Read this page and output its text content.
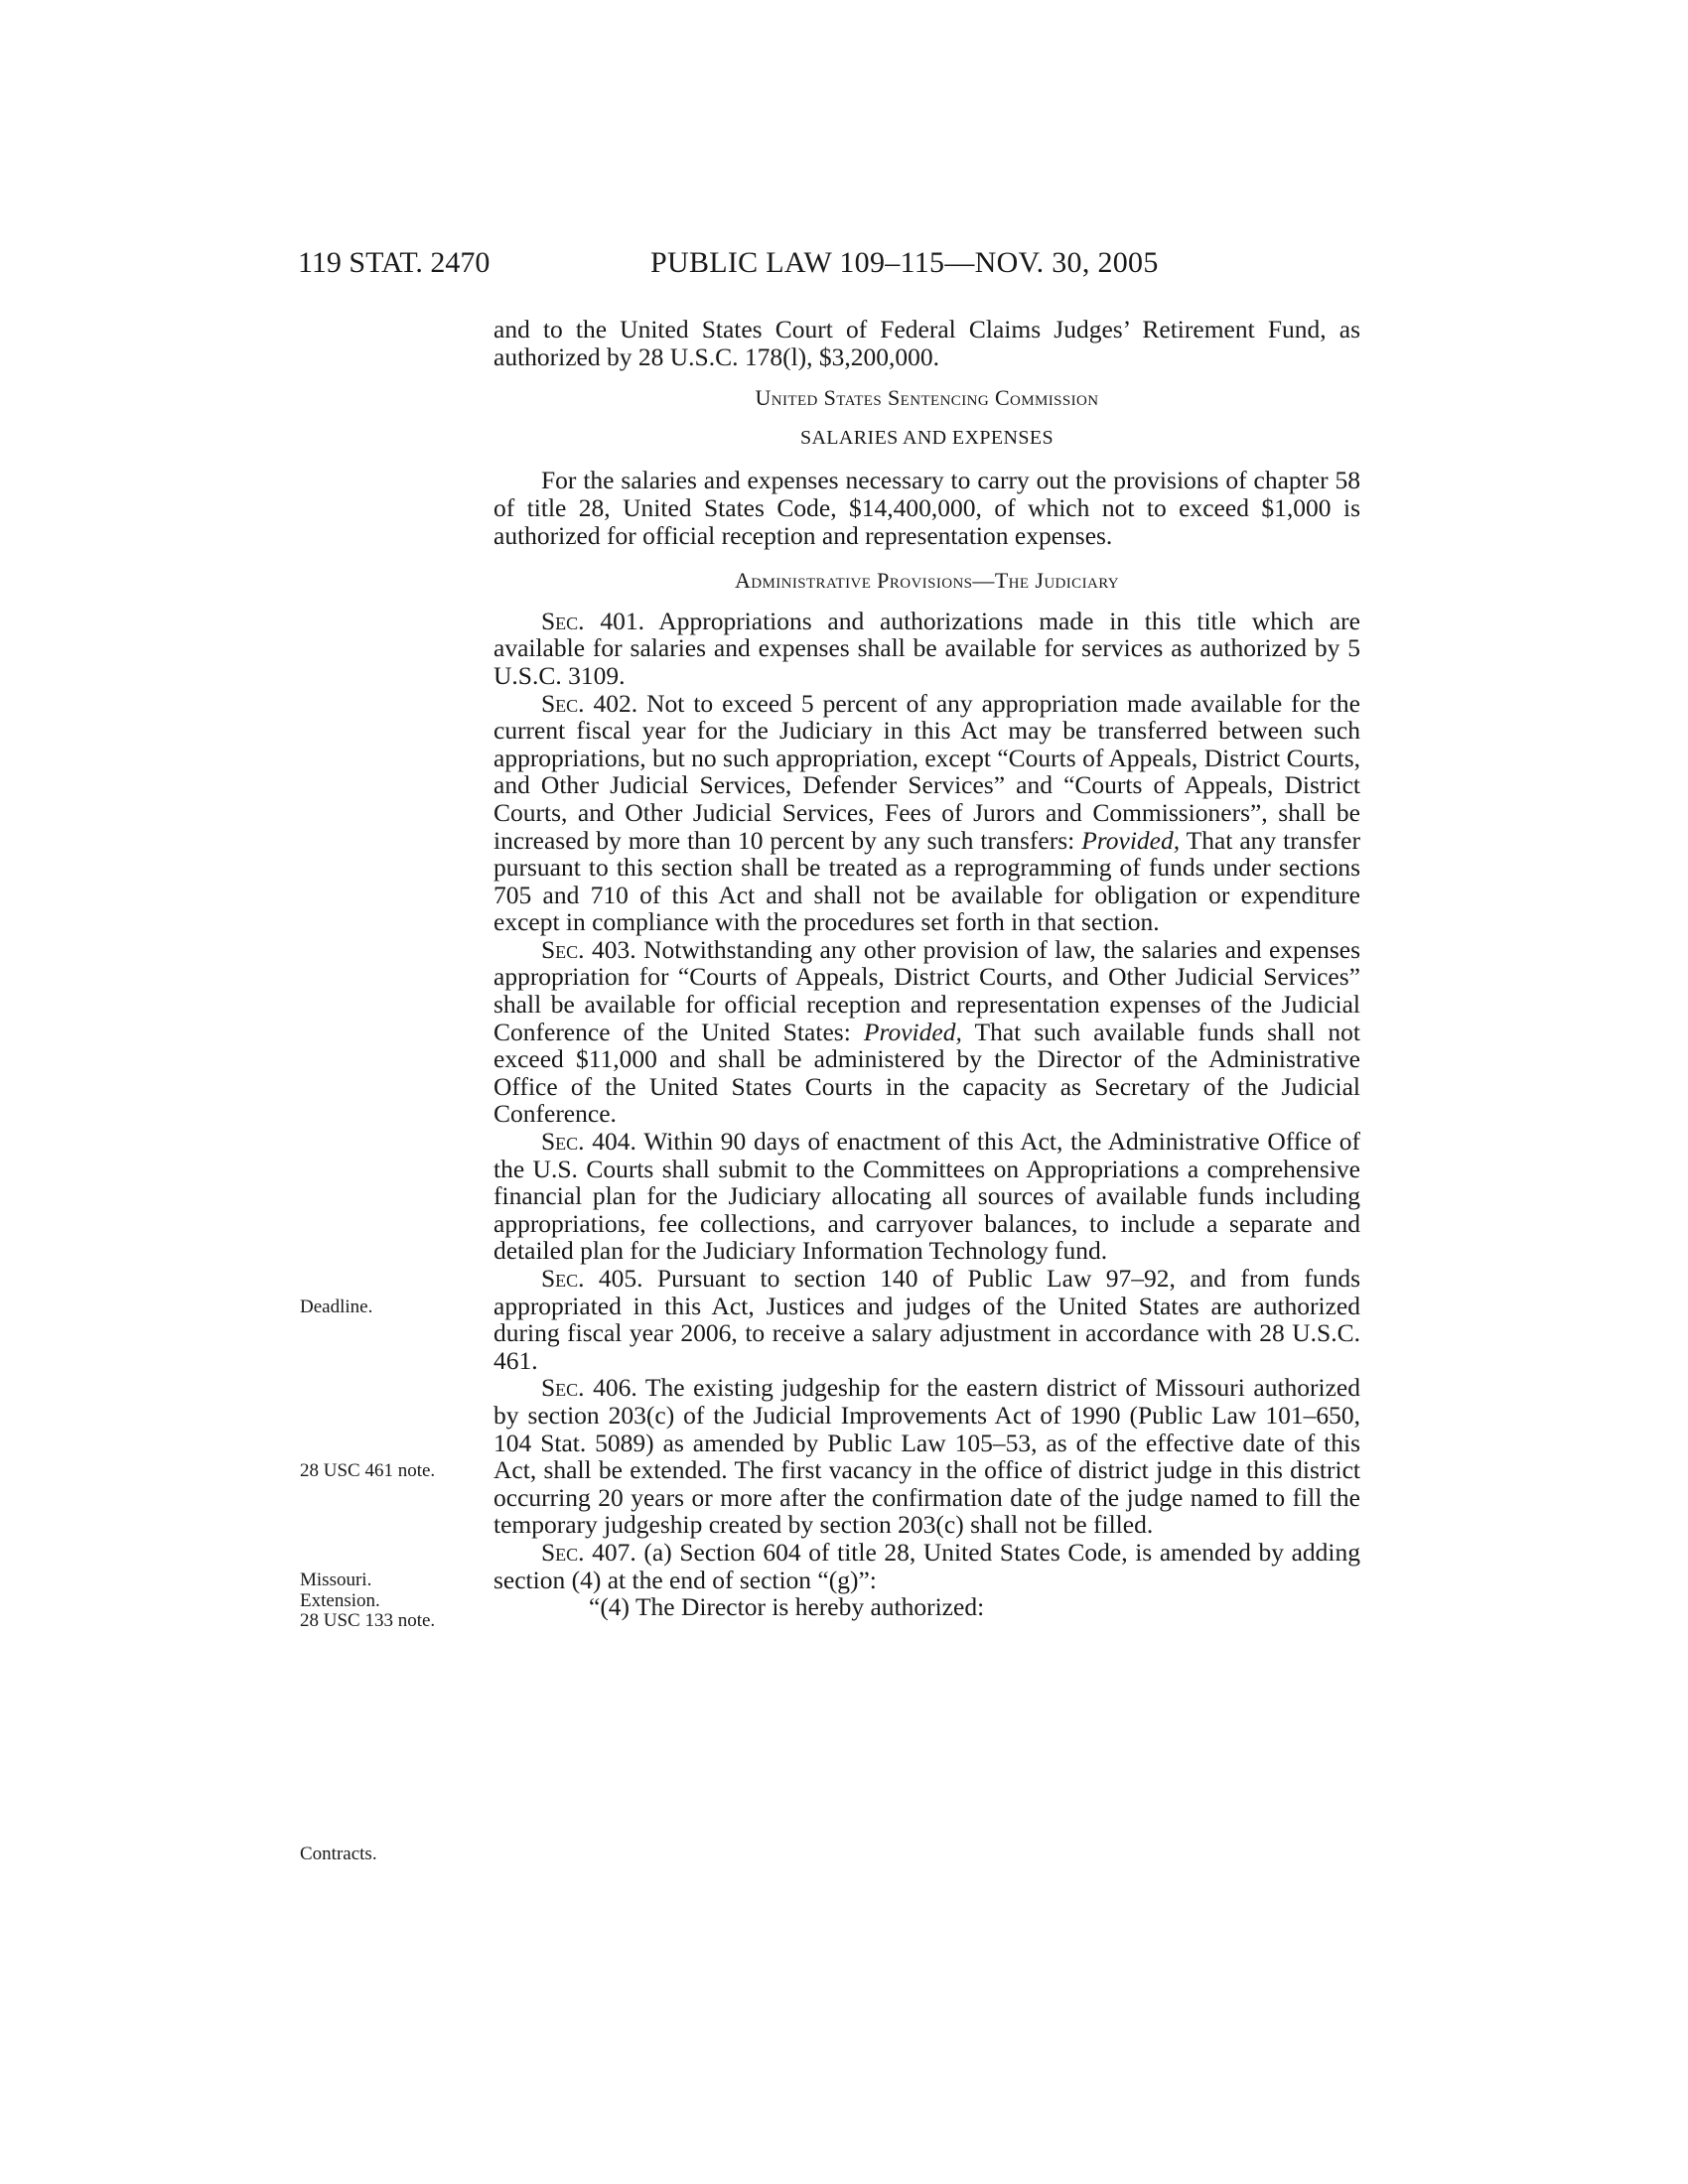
119 STAT. 2470	PUBLIC LAW 109–115—NOV. 30, 2005
Deadline.
28 USC 461 note.
Missouri.
Extension.
28 USC 133 note.
Contracts.

and to the United States Court of Federal Claims Judges’ Retirement Fund, as authorized by 28 U.S.C. 178(l), $3,200,000.

United States Sentencing Commission
SALARIES AND EXPENSES

For the salaries and expenses necessary to carry out the provisions of chapter 58 of title 28, United States Code, $14,400,000, of which not to exceed $1,000 is authorized for official reception and representation expenses.

Administrative Provisions—The Judiciary

Sec. 401. Appropriations and authorizations made in this title which are available for salaries and expenses shall be available for services as authorized by 5 U.S.C. 3109.

Sec. 402. Not to exceed 5 percent of any appropriation made available for the current fiscal year for the Judiciary in this Act may be transferred between such appropriations, but no such appropriation, except “Courts of Appeals, District Courts, and Other Judicial Services, Defender Services” and “Courts of Appeals, District Courts, and Other Judicial Services, Fees of Jurors and Commissioners”, shall be increased by more than 10 percent by any such transfers: Provided, That any transfer pursuant to this section shall be treated as a reprogramming of funds under sections 705 and 710 of this Act and shall not be available for obligation or expenditure except in compliance with the procedures set forth in that section.

Sec. 403. Notwithstanding any other provision of law, the salaries and expenses appropriation for “Courts of Appeals, District Courts, and Other Judicial Services” shall be available for official reception and representation expenses of the Judicial Conference of the United States: Provided, That such available funds shall not exceed $11,000 and shall be administered by the Director of the Administrative Office of the United States Courts in the capacity as Secretary of the Judicial Conference.

Sec. 404. Within 90 days of enactment of this Act, the Administrative Office of the U.S. Courts shall submit to the Committees on Appropriations a comprehensive financial plan for the Judiciary allocating all sources of available funds including appropriations, fee collections, and carryover balances, to include a separate and detailed plan for the Judiciary Information Technology fund.

Sec. 405. Pursuant to section 140 of Public Law 97–92, and from funds appropriated in this Act, Justices and judges of the United States are authorized during fiscal year 2006, to receive a salary adjustment in accordance with 28 U.S.C. 461.

Sec. 406. The existing judgeship for the eastern district of Missouri authorized by section 203(c) of the Judicial Improvements Act of 1990 (Public Law 101–650, 104 Stat. 5089) as amended by Public Law 105–53, as of the effective date of this Act, shall be extended. The first vacancy in the office of district judge in this district occurring 20 years or more after the confirmation date of the judge named to fill the temporary judgeship created by section 203(c) shall not be filled.

Sec. 407. (a) Section 604 of title 28, United States Code, is amended by adding section (4) at the end of section “(g)”:

“(4) The Director is hereby authorized:
